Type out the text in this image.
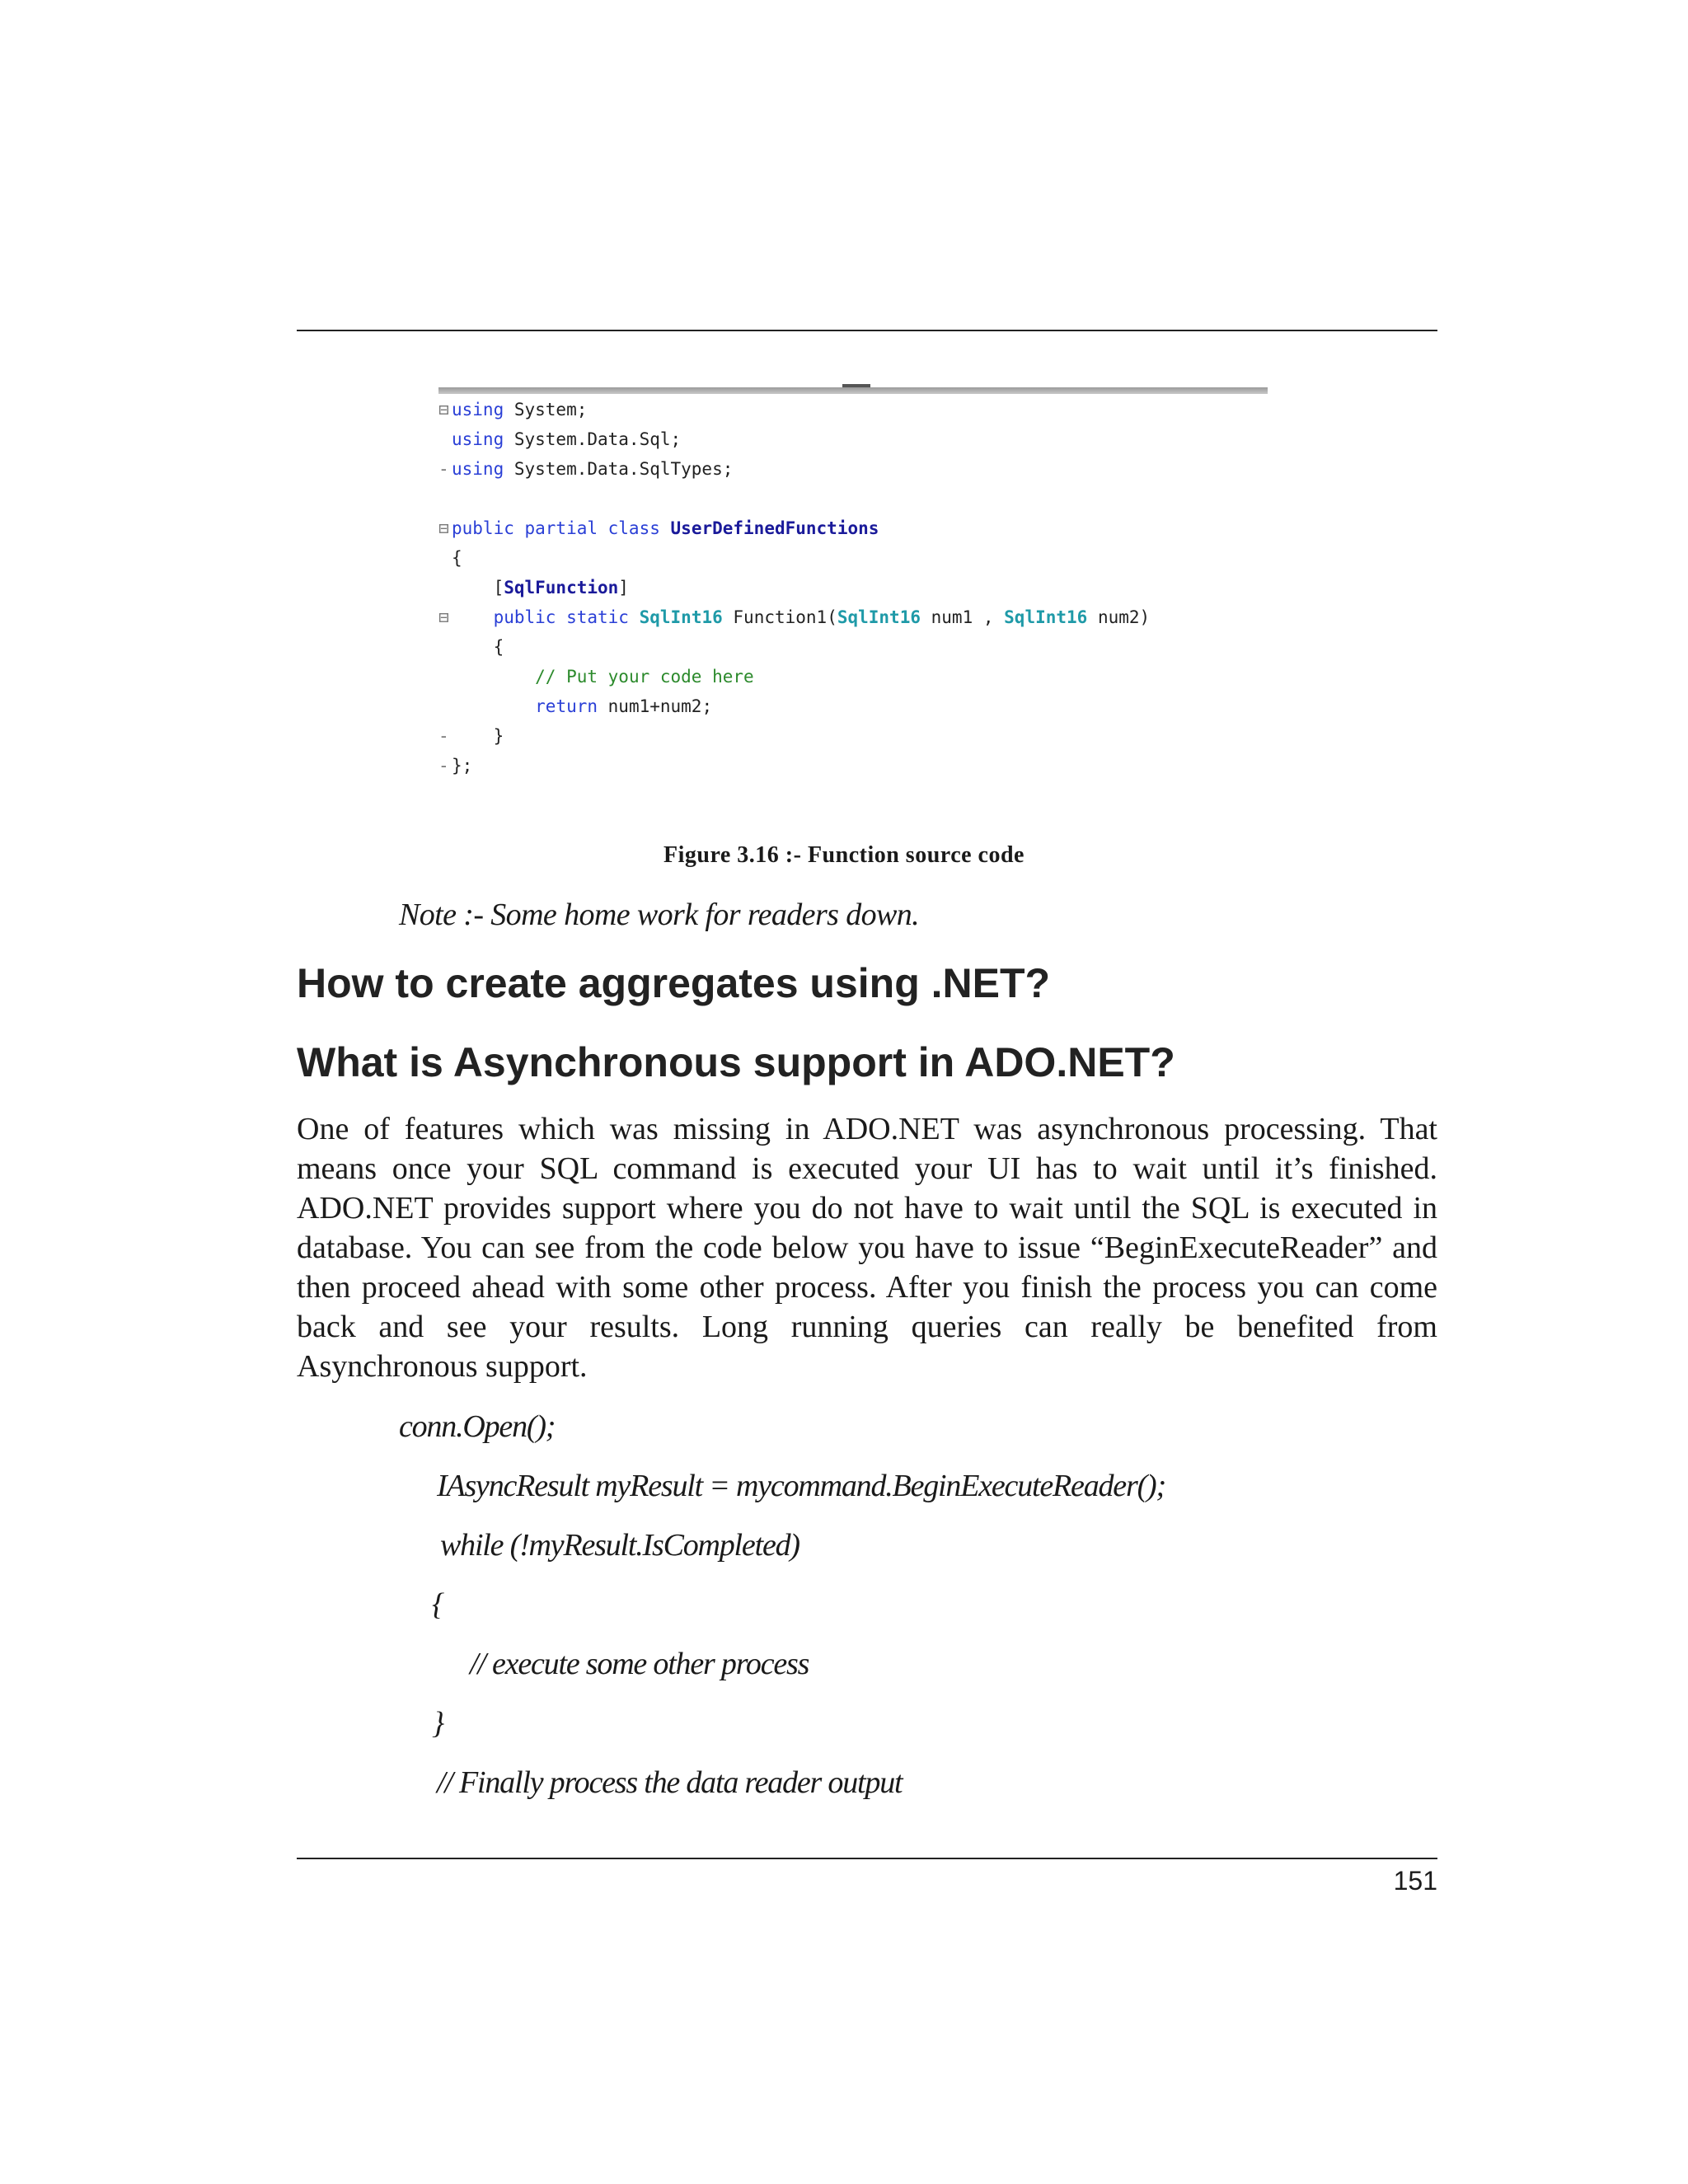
⊟ using System;
using System.Data.Sql;
- using System.Data.SqlTypes;
⊟ public partial class UserDefinedFunctions
{
[SqlFunction]
⊟	public static SqlInt16 Function1(SqlInt16 num1 , SqlInt16 num2)
{
// Put your code here
return num1+num2;
-    }
- };
Figure 3.16 :- Function source code
Note :- Some home work for readers down.
How to create aggregates using .NET?
What is Asynchronous support in ADO.NET?
One of features which was missing in ADO.NET was asynchronous processing. That means once your SQL command is executed your UI has to wait until it’s finished. ADO.NET provides support where you do not have to wait until the SQL is executed in database. You can see from the code below you have to issue “BeginExecuteReader” and then proceed ahead with some other process. After you finish the process you can come back and see your results. Long running queries can really be benefited from Asynchronous support.
conn.Open();
IAsyncResult myResult = mycommand.BeginExecuteReader();
while (!myResult.IsCompleted)
{
// execute some other process
}
// Finally process the data reader output
151
